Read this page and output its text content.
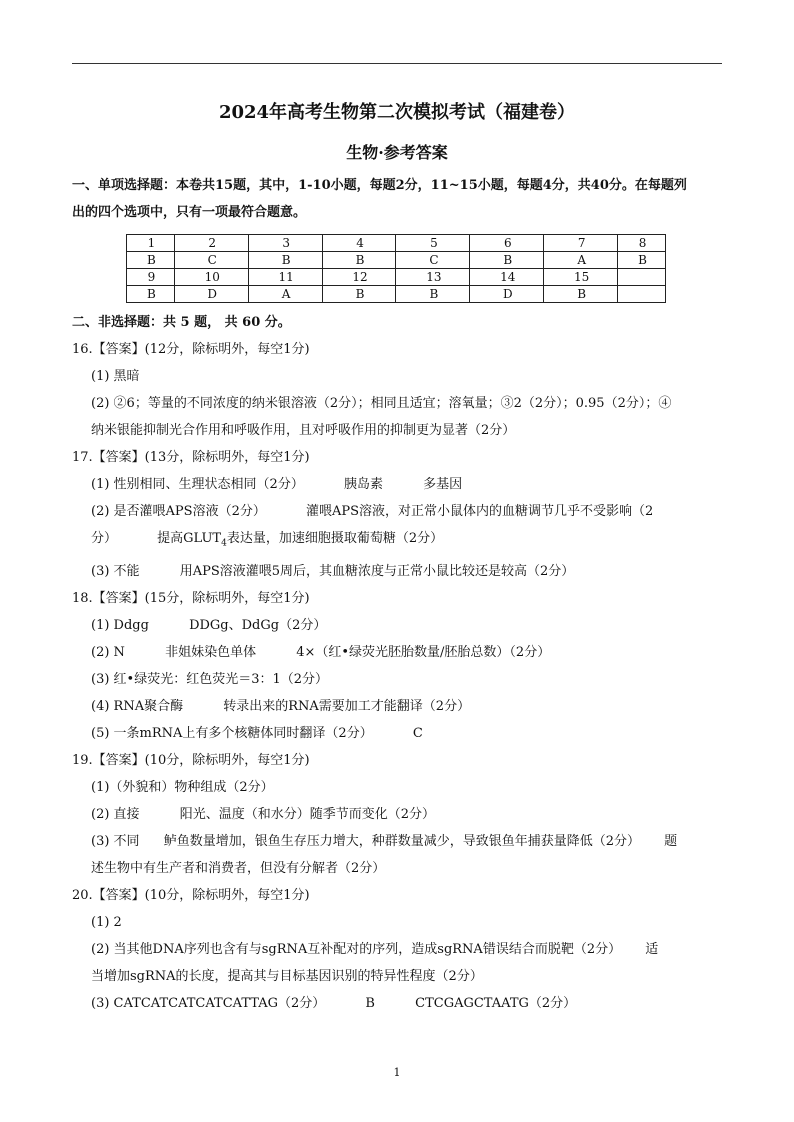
2024年高考生物第二次模拟考试（福建卷）
生物·参考答案
一、单项选择题：本卷共15题，其中，1-10小题，每题2分，11~15小题，每题4分，共40分。在每题列
出的四个选项中，只有一项最符合题意。
1	2	3	4	5	6	7	8
B	C	B	B	C	B	A	B
9	10	11	12	13	14	15	
B	D	A	B	B	D	B	
二、非选择题：共 5 题， 共 60 分。
16.【答案】(12分，除标明外，每空1分)
(1) 黑暗
(2) ②6；等量的不同浓度的纳米银溶液（2分）；相同且适宜；溶氧量；③2（2分）；0.95（2分）；④
纳米银能抑制光合作用和呼吸作用，且对呼吸作用的抑制更为显著（2分）
17.【答案】(13分，除标明外，每空1分)
(1) 性别相同、生理状态相同（2分）	胰岛素	多基因
(2) 是否灌喂APS溶液（2分）	灌喂APS溶液，对正常小鼠体内的血糖调节几乎不受影响（2
分）	提高$GLUT_4$表达量，加速细胞摄取葡萄糖（2分）
(3) 不能	用APS溶液灌喂5周后，其血糖浓度与正常小鼠比较还是较高（2分）
18.【答案】(15分，除标明外，每空1分)
(1) Ddgg	DDGg、DdGg（2分）
(2) N	非姐妹染色单体	4×（红•绿荧光胚胎数量/胚胎总数）（2分）
(3) 红•绿荧光：红色荧光＝3：1（2分）
(4) RNA聚合酶	转录出来的RNA需要加工才能翻译（2分）
(5) 一条mRNA上有多个核糖体同时翻译（2分）	C
19.【答案】(10分，除标明外，每空1分)
(1)（外貌和）物种组成（2分）
(2) 直接	阳光、温度（和水分）随季节而变化（2分）
(3) 不同 鲈鱼数量增加，银鱼生存压力增大，种群数量减少，导致银鱼年捕获量降低（2分） 题
述生物中有生产者和消费者，但没有分解者（2分）
20.【答案】(10分，除标明外，每空1分)
(1) 2
(2) 当其他DNA序列也含有与sgRNA互补配对的序列，造成sgRNA错误结合而脱靶（2分） 适
当增加sgRNA的长度，提高其与目标基因识别的特异性程度（2分）
(3) CATCATCATCATCATTAG（2分）	B	CTCGAGCTAATG（2分）
1
